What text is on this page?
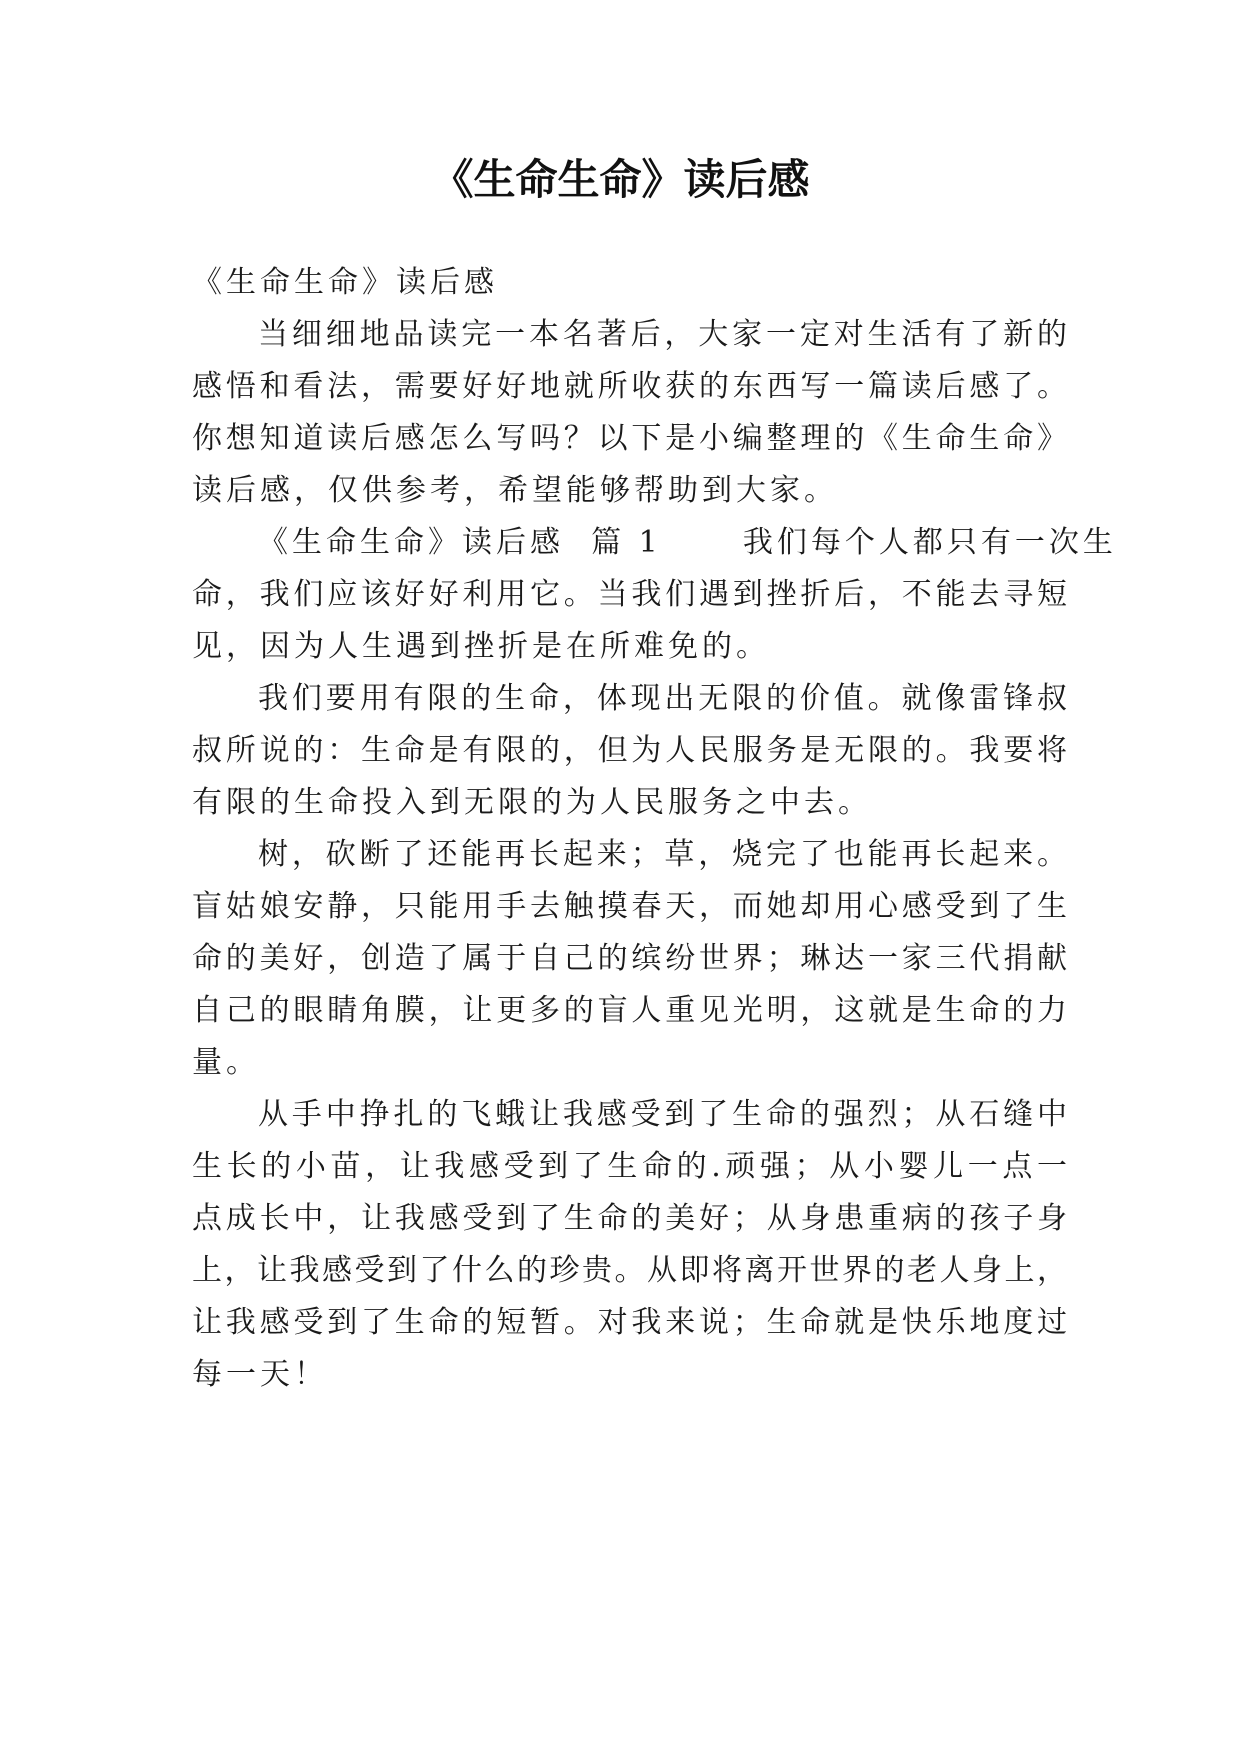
《生命生命》读后感

《生命生命》读后感

当细细地品读完一本名著后，大家一定对生活有了新的

感悟和看法，需要好好地就所收获的东西写一篇读后感了。

你想知道读后感怎么写吗？以下是小编整理的《生命生命》

读后感，仅供参考，希望能够帮助到大家。

《生命生命》读后感  篇 1      我们每个人都只有一次生

命，我们应该好好利用它。当我们遇到挫折后，不能去寻短

见，因为人生遇到挫折是在所难免的。

我们要用有限的生命，体现出无限的价值。就像雷锋叔

叔所说的：生命是有限的，但为人民服务是无限的。我要将

有限的生命投入到无限的为人民服务之中去。

树，砍断了还能再长起来；草，烧完了也能再长起来。

盲姑娘安静，只能用手去触摸春天，而她却用心感受到了生

命的美好，创造了属于自己的缤纷世界；琳达一家三代捐献

自己的眼睛角膜，让更多的盲人重见光明，这就是生命的力

量。

从手中挣扎的飞蛾让我感受到了生命的强烈；从石缝中

生长的小苗，让我感受到了生命的.顽强；从小婴儿一点一

点成长中，让我感受到了生命的美好；从身患重病的孩子身

上，让我感受到了什么的珍贵。从即将离开世界的老人身上，

让我感受到了生命的短暂。对我来说；生命就是快乐地度过

每一天！
